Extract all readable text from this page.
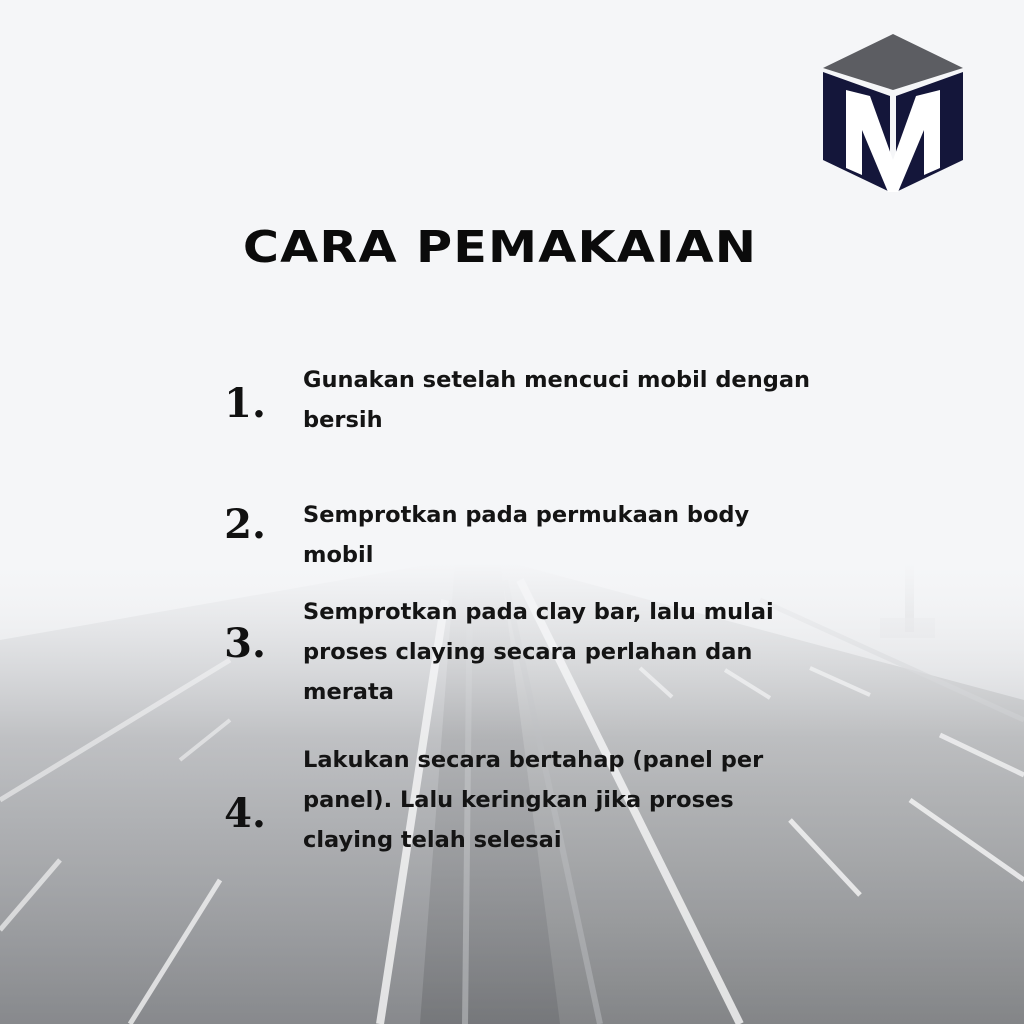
CARA PEMAKAIAN
1.	Gunakan setelah mencuci mobil dengan bersih
2.	Semprotkan pada permukaan body mobil
3.
Semprotkan pada clay bar, lalu mulai proses claying secara perlahan dan merata
4.
Lakukan secara bertahap (panel per panel). Lalu keringkan jika proses claying telah selesai
